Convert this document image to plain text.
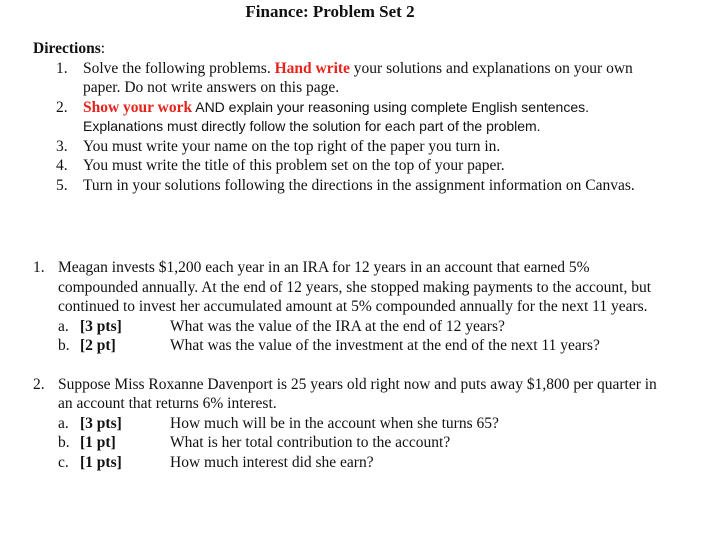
Finance: Problem Set 2
Directions:
1. Solve the following problems. Hand write your solutions and explanations on your own paper. Do not write answers on this page.
2. Show your work AND explain your reasoning using complete English sentences. Explanations must directly follow the solution for each part of the problem.
3. You must write your name on the top right of the paper you turn in.
4. You must write the title of this problem set on the top of your paper.
5. Turn in your solutions following the directions in the assignment information on Canvas.
1. Meagan invests $1,200 each year in an IRA for 12 years in an account that earned 5% compounded annually. At the end of 12 years, she stopped making payments to the account, but continued to invest her accumulated amount at 5% compounded annually for the next 11 years.
a. [3 pts]	What was the value of the IRA at the end of 12 years?
b. [2 pt]	What was the value of the investment at the end of the next 11 years?
2. Suppose Miss Roxanne Davenport is 25 years old right now and puts away $1,800 per quarter in an account that returns 6% interest.
a. [3 pts]	How much will be in the account when she turns 65?
b. [1 pt]	What is her total contribution to the account?
c. [1 pts]	How much interest did she earn?
